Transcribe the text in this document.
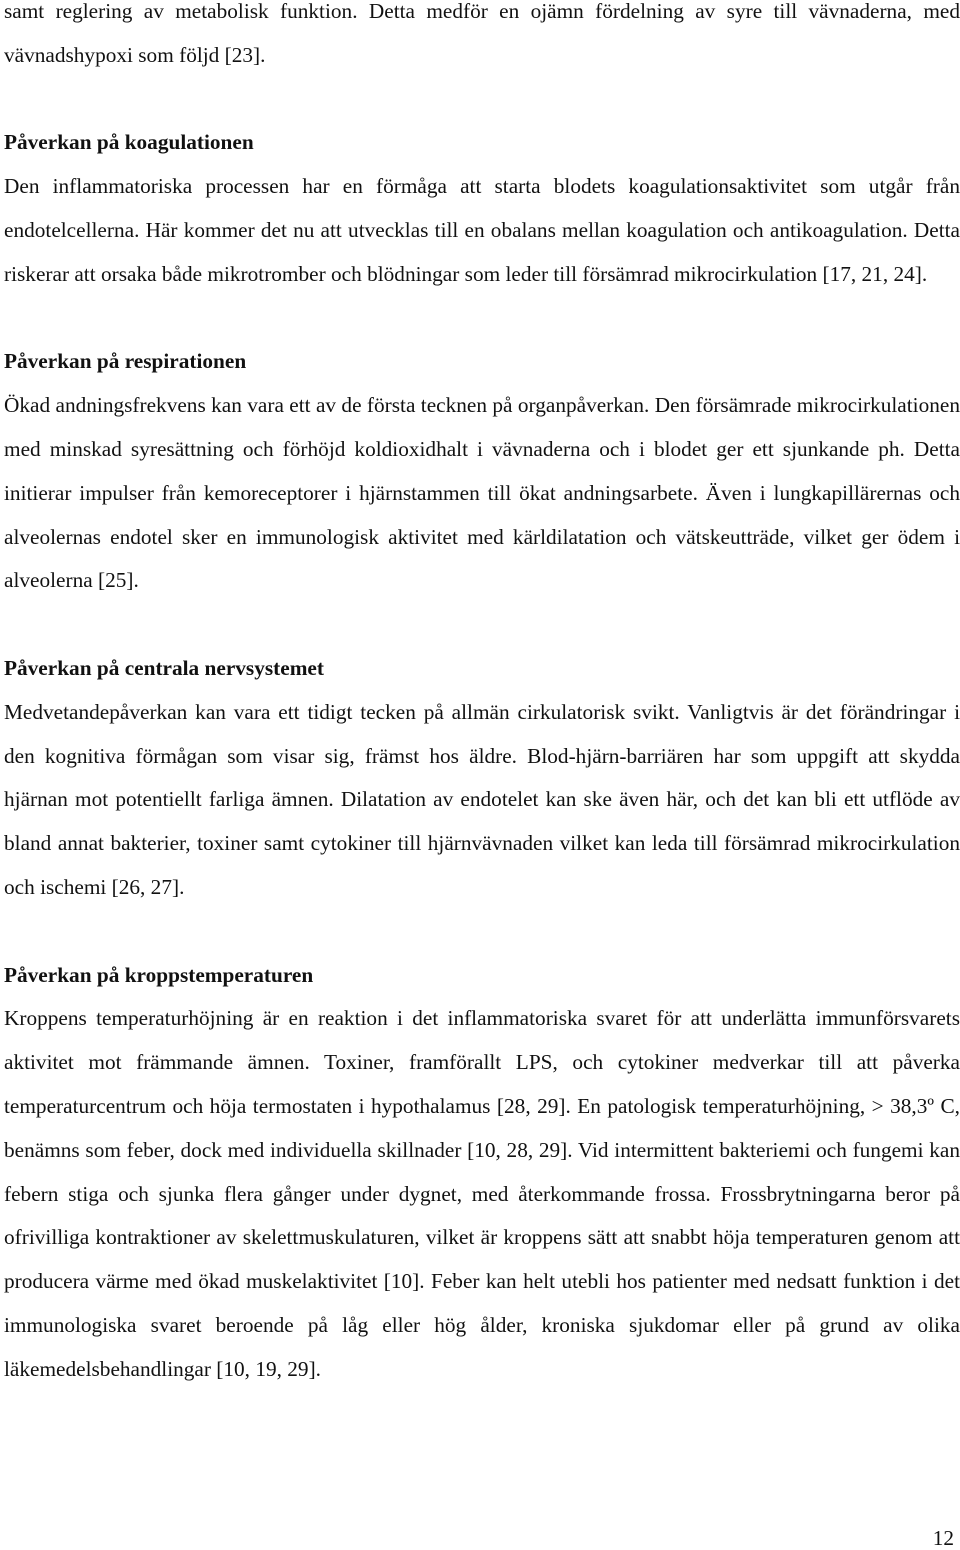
samt reglering av metabolisk funktion. Detta medför en ojämn fördelning av syre till vävnaderna, med vävnadshypoxi som följd [23].

Påverkan på koagulationen

Den inflammatoriska processen har en förmåga att starta blodets koagulationsaktivitet som utgår från endotelcellerna. Här kommer det nu att utvecklas till en obalans mellan koagulation och antikoagulation. Detta riskerar att orsaka både mikrotromber och blödningar som leder till försämrad mikrocirkulation [17, 21, 24].

Påverkan på respirationen

Ökad andningsfrekvens kan vara ett av de första tecknen på organpåverkan. Den försämrade mikrocirkulationen med minskad syresättning och förhöjd koldioxidhalt i vävnaderna och i blodet ger ett sjunkande ph. Detta initierar impulser från kemoreceptorer i hjärnstammen till ökat andningsarbete. Även i lungkapillärernas och alveolernas endotel sker en immunologisk aktivitet med kärldilatation och vätskeutträde, vilket ger ödem i alveolerna [25].

Påverkan på centrala nervsystemet

Medvetandepåverkan kan vara ett tidigt tecken på allmän cirkulatorisk svikt. Vanligtvis är det förändringar i den kognitiva förmågan som visar sig, främst hos äldre. Blod-hjärn-barriären har som uppgift att skydda hjärnan mot potentiellt farliga ämnen. Dilatation av endotelet kan ske även här, och det kan bli ett utflöde av bland annat bakterier, toxiner samt cytokiner till hjärnvävnaden vilket kan leda till försämrad mikrocirkulation och ischemi [26, 27].

Påverkan på kroppstemperaturen

Kroppens temperaturhöjning är en reaktion i det inflammatoriska svaret för att underlätta immunförsvarets aktivitet mot främmande ämnen. Toxiner, framförallt LPS, och cytokiner medverkar till att påverka temperaturcentrum och höja termostaten i hypothalamus [28, 29]. En patologisk temperaturhöjning, > 38,3º C, benämns som feber, dock med individuella skillnader [10, 28, 29]. Vid intermittent bakteriemi och fungemi kan febern stiga och sjunka flera gånger under dygnet, med återkommande frossa. Frossbrytningarna beror på ofrivilliga kontraktioner av skelettmuskulaturen, vilket är kroppens sätt att snabbt höja temperaturen genom att producera värme med ökad muskelaktivitet [10]. Feber kan helt utebli hos patienter med nedsatt funktion i det immunologiska svaret beroende på låg eller hög ålder, kroniska sjukdomar eller på grund av olika läkemedelsbehandlingar [10, 19, 29].

12
